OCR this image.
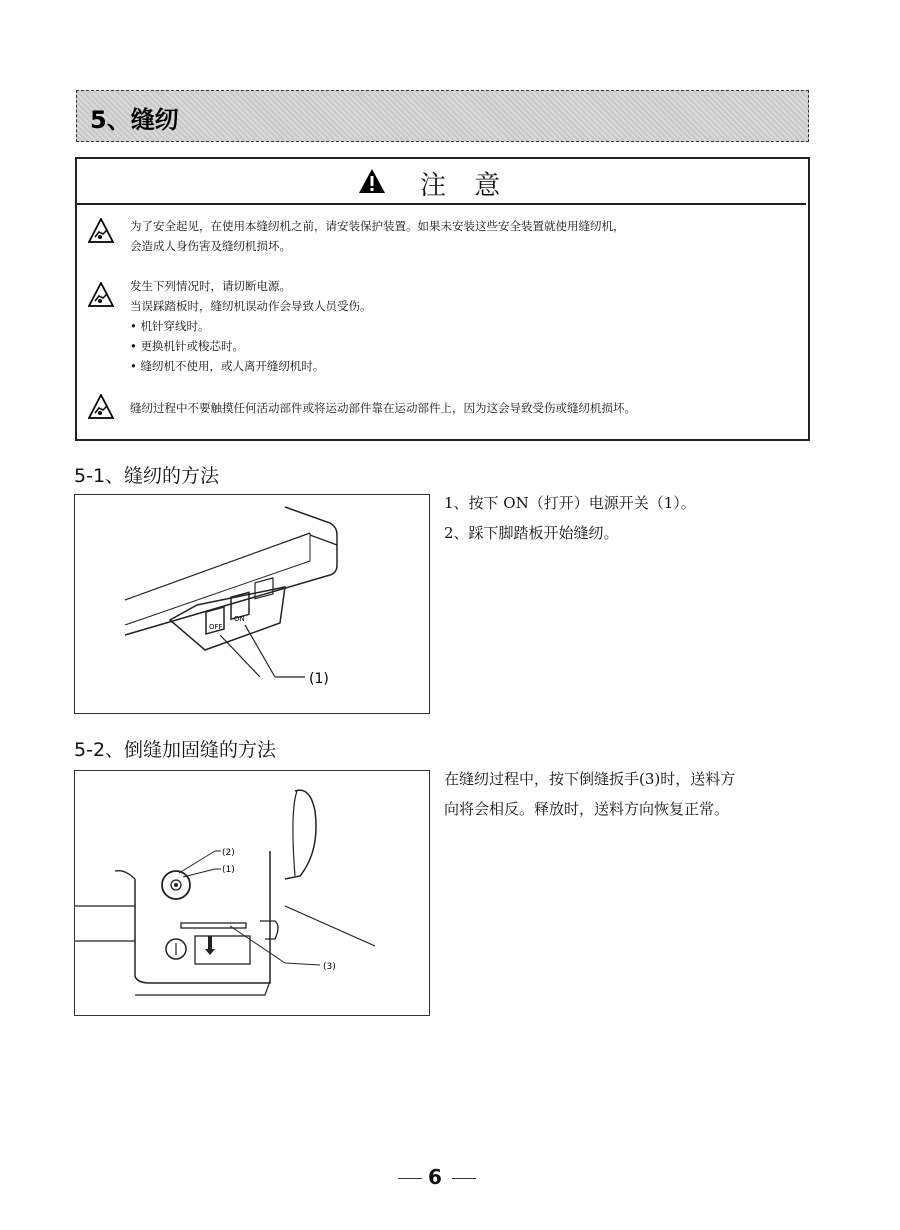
5、缝纫
注 意
为了安全起见，在使用本缝纫机之前，请安装保护装置。如果未安装这些安全装置就使用缝纫机，
会造成人身伤害及缝纫机损坏。
发生下列情况时，请切断电源。
当误踩踏板时，缝纫机误动作会导致人员受伤。
• 机针穿线时。
• 更换机针或梭芯时。
• 缝纫机不使用，或人离开缝纫机时。
缝纫过程中不要触摸任何活动部件或将运动部件靠在运动部件上，因为这会导致受伤或缝纫机损坏。
5-1、缝纫的方法
OFF
ON
(1)
1、按下 ON（打开）电源开关（1）。
2、踩下脚踏板开始缝纫。
5-2、倒缝加固缝的方法
(2)
(1)
(3)
在缝纫过程中，按下倒缝扳手(3)时，送料方
向将会相反。释放时，送料方向恢复正常。
6
